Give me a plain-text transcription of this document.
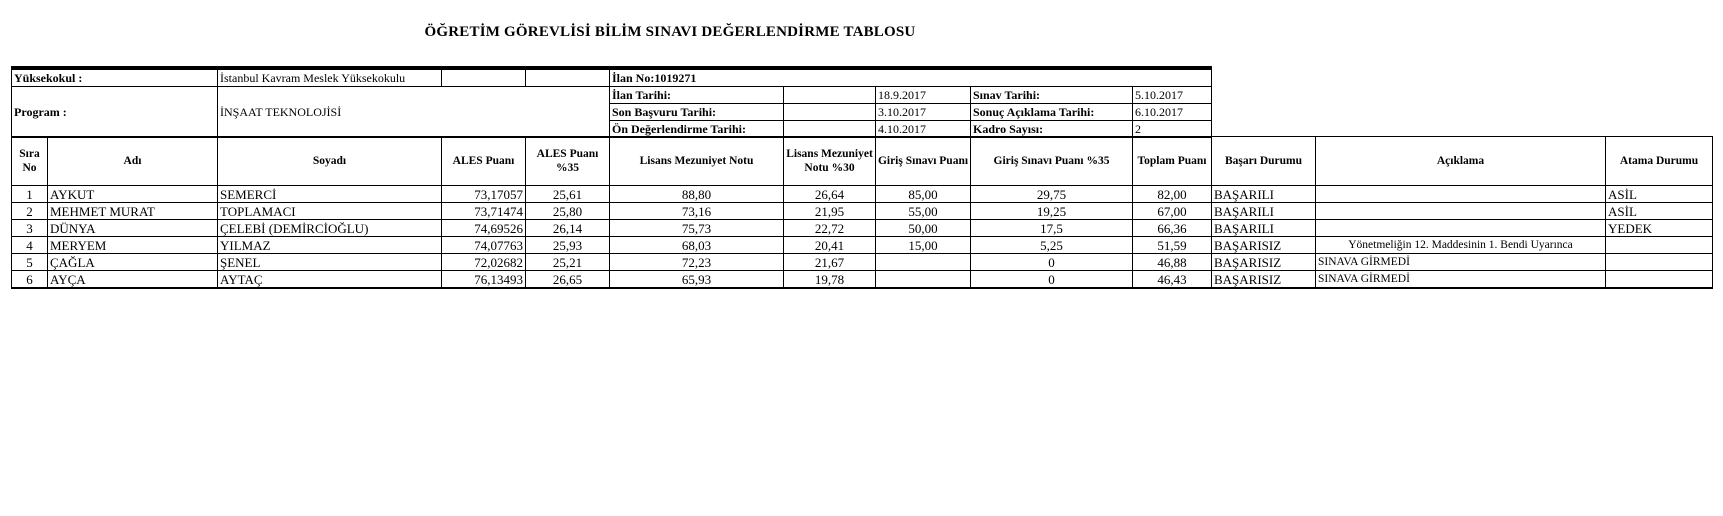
ÖĞRETİM GÖREVLİSİ BİLİM SINAVI DEĞERLENDİRME TABLOSU
Yüksekokul :	İstanbul Kavram Meslek Yüksekokulu			İlan No:1019271				
Program :	İNŞAAT TEKNOLOJİSİ			İlan Tarihi:		18.9.2017	Sınav Tarihi:	5.10.2017
				Son Başvuru Tarihi:		3.10.2017	Sonuç Açıklama Tarihi:	6.10.2017
				Ön Değerlendirme Tarihi:		4.10.2017	Kadro Sayısı:	2
Sıra No	Adı	Soyadı	ALES Puanı	ALES Puanı %35	Lisans Mezuniyet Notu	Lisans Mezuniyet Notu %30	Giriş Sınavı Puanı	Giriş Sınavı Puanı %35	Toplam Puanı	Başarı Durumu	Açıklama	Atama Durumu
1	AYKUT	SEMERCİ	73,17057	25,61	88,80	26,64	85,00	29,75	82,00	BAŞARILI		ASİL
2	MEHMET MURAT	TOPLAMACI	73,71474	25,80	73,16	21,95	55,00	19,25	67,00	BAŞARILI		ASİL
3	DÜNYA	ÇELEBİ (DEMİRCİOĞLU)	74,69526	26,14	75,73	22,72	50,00	17,5	66,36	BAŞARILI		YEDEK
4	MERYEM	YILMAZ	74,07763	25,93	68,03	20,41	15,00	5,25	51,59	BAŞARISIZ	Yönetmeliğin 12. Maddesinin 1. Bendi Uyarınca	
5	ÇAĞLA	ŞENEL	72,02682	25,21	72,23	21,67		0	46,88	BAŞARISIZ	SINAVA GİRMEDİ	
6	AYÇA	AYTAÇ	76,13493	26,65	65,93	19,78		0	46,43	BAŞARISIZ	SINAVA GİRMEDİ	
